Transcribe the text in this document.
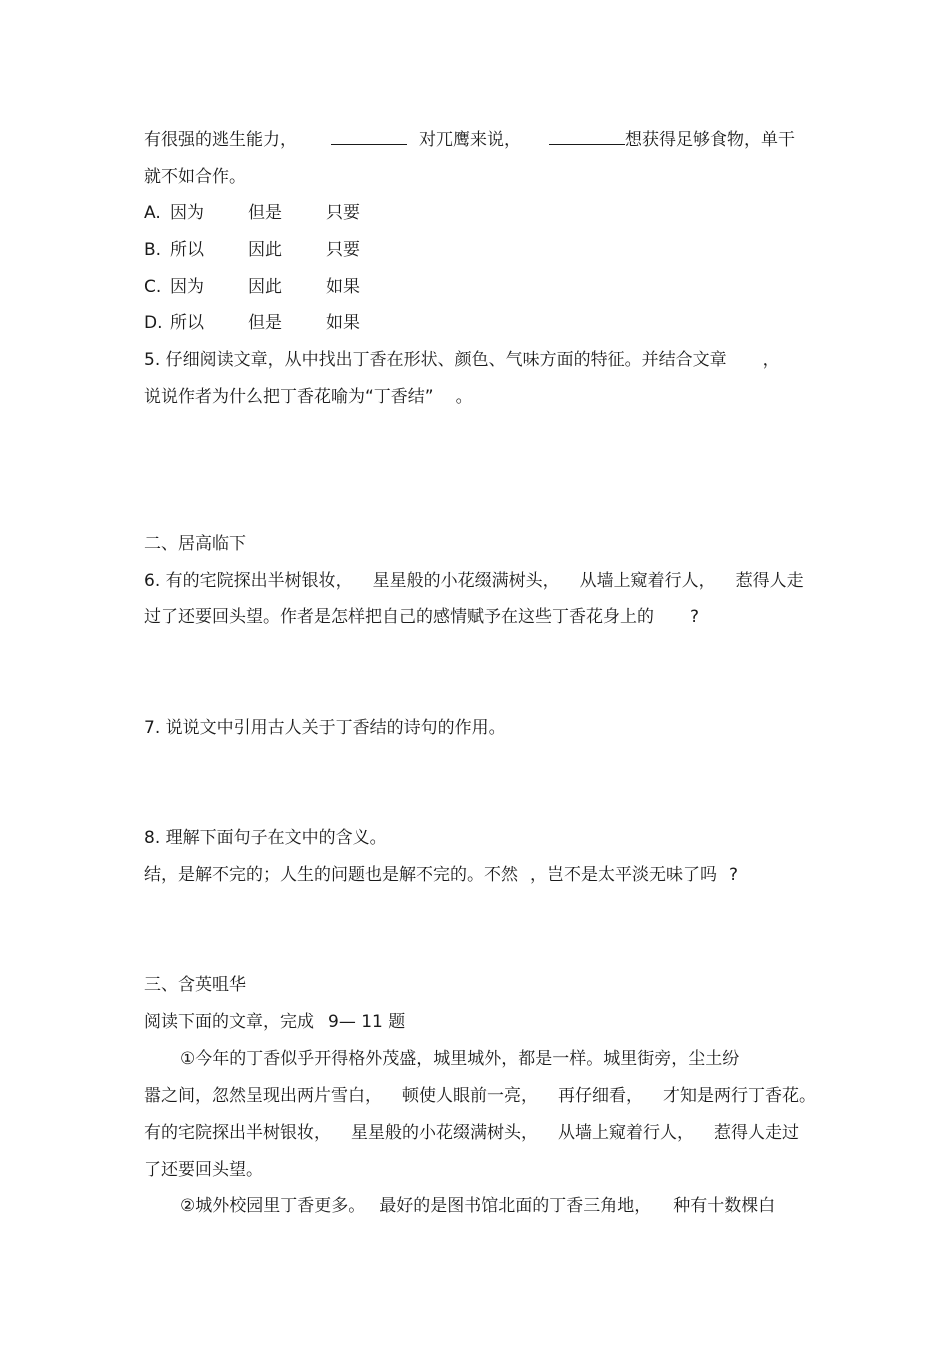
有很强的逃生能力，	对兀鹰来说，	想获得足够食物，单干
就不如合作。
A. 因为	但是	只要
B. 所以	因此	只要
C. 因为	因此	如果
D. 所以	但是	如果
5. 仔细阅读文章，从中找出丁香在形状、颜色、气味方面的特征。并结合文章 ，
说说作者为什么把丁香花喻为“丁香结” 。
二、居高临下
6. 有的宅院探出半树银妆， 星星般的小花缀满树头， 从墙上窥着行人， 惹得人走
过了还要回头望。作者是怎样把自己的感情赋予在这些丁香花身上的 ?
7. 说说文中引用古人关于丁香结的诗句的作用。
8. 理解下面句子在文中的含义。
结，是解不完的；人生的问题也是解不完的。不然 ，岂不是太平淡无味了吗 ?
三、含英咀华
阅读下面的文章，完成 9— 11 题
①今年的丁香似乎开得格外茂盛，城里城外，都是一样。城里街旁，尘土纷
嚣之间，忽然呈现出两片雪白， 顿使人眼前一亮， 再仔细看， 才知是两行丁香花。
有的宅院探出半树银妆， 星星般的小花缀满树头， 从墙上窥着行人， 惹得人走过
了还要回头望。
②城外校园里丁香更多。 最好的是图书馆北面的丁香三角地， 种有十数棵白
